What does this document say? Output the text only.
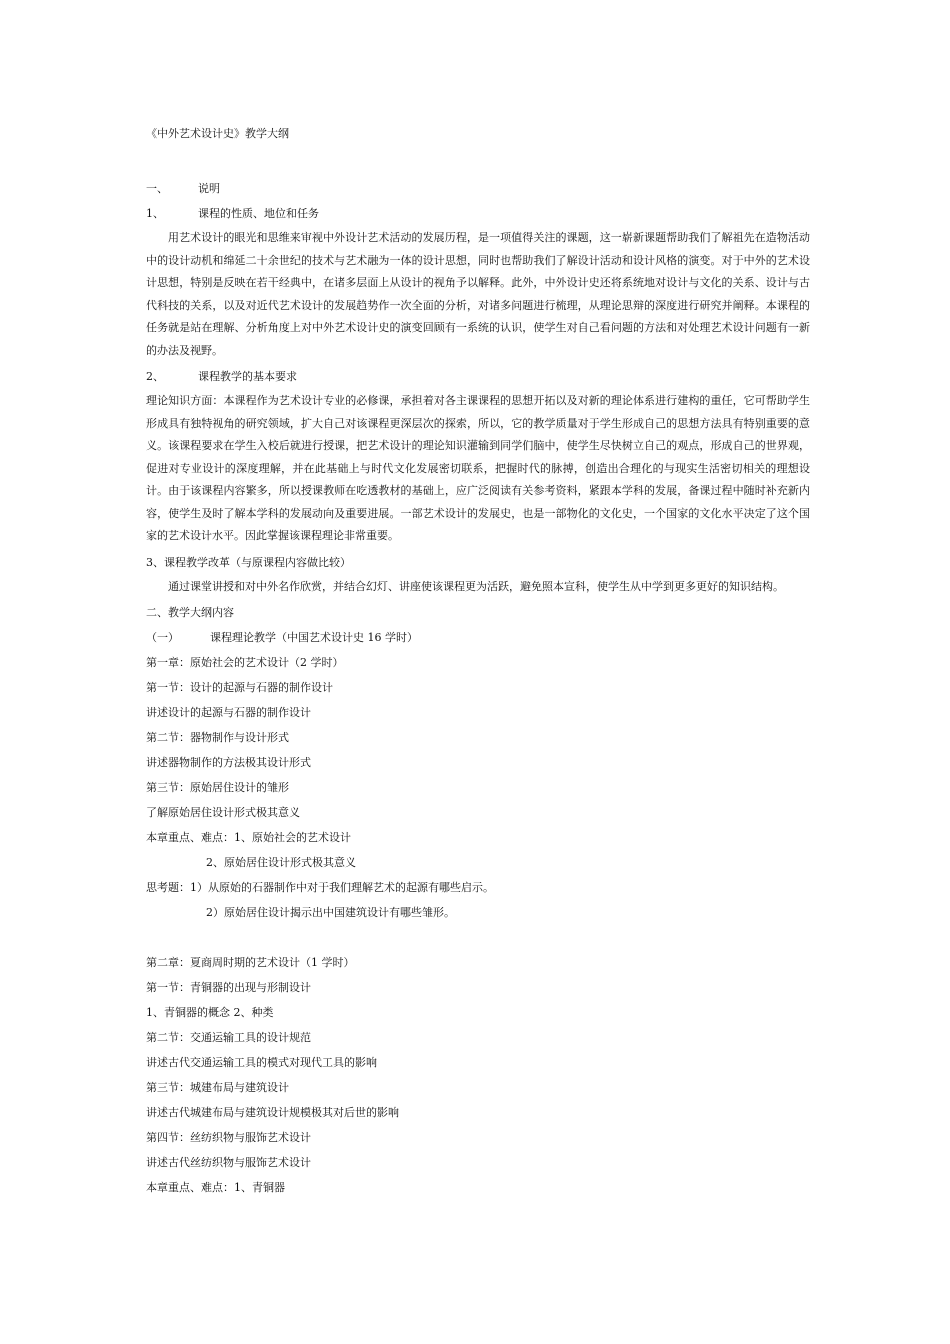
《中外艺术设计史》教学大纲
一、	说明
1、	课程的性质、地位和任务
用艺术设计的眼光和思维来审视中外设计艺术活动的发展历程，是一项值得关注的课题，这一崭新课题帮助我们了解祖先在造物活动中的设计动机和绵延二十余世纪的技术与艺术融为一体的设计思想，同时也帮助我们了解设计活动和设计风格的演变。对于中外的艺术设计思想，特别是反映在若干经典中，在诸多层面上从设计的视角予以解释。此外，中外设计史还将系统地对设计与文化的关系、设计与古代科技的关系，以及对近代艺术设计的发展趋势作一次全面的分析，对诸多问题进行梳理，从理论思辩的深度进行研究并阐释。本课程的任务就是站在理解、分析角度上对中外艺术设计史的演变回顾有一系统的认识，使学生对自己看问题的方法和对处理艺术设计问题有一新的办法及视野。
2、	课程教学的基本要求
理论知识方面：本课程作为艺术设计专业的必修课，承担着对各主课课程的思想开拓以及对新的理论体系进行建构的重任，它可帮助学生形成具有独特视角的研究领域，扩大自己对该课程更深层次的探索，所以，它的教学质量对于学生形成自己的思想方法具有特别重要的意义。该课程要求在学生入校后就进行授课，把艺术设计的理论知识灌输到同学们脑中，使学生尽快树立自己的观点，形成自己的世界观，促进对专业设计的深度理解，并在此基础上与时代文化发展密切联系，把握时代的脉搏，创造出合理化的与现实生活密切相关的理想设计。由于该课程内容繁多，所以授课教师在吃透教材的基础上，应广泛阅读有关参考资料，紧跟本学科的发展，备课过程中随时补充新内容，使学生及时了解本学科的发展动向及重要进展。一部艺术设计的发展史，也是一部物化的文化史，一个国家的文化水平决定了这个国家的艺术设计水平。因此掌握该课程理论非常重要。
3、课程教学改革（与原课程内容做比较）
通过课堂讲授和对中外名作欣赏，并结合幻灯、讲座使该课程更为活跃，避免照本宣科，使学生从中学到更多更好的知识结构。
二、教学大纲内容
（一）	课程理论教学（中国艺术设计史 16 学时）
第一章：原始社会的艺术设计（2 学时）
第一节：设计的起源与石器的制作设计
讲述设计的起源与石器的制作设计
第二节：器物制作与设计形式
讲述器物制作的方法极其设计形式
第三节：原始居住设计的雏形
了解原始居住设计形式极其意义
本章重点、难点：1、原始社会的艺术设计
2、原始居住设计形式极其意义
思考题：1）从原始的石器制作中对于我们理解艺术的起源有哪些启示。
2）原始居住设计揭示出中国建筑设计有哪些雏形。
第二章：夏商周时期的艺术设计（1 学时）
第一节：青铜器的出现与形制设计
1、青铜器的概念 2、种类
第二节：交通运输工具的设计规范
讲述古代交通运输工具的模式对现代工具的影响
第三节：城建布局与建筑设计
讲述古代城建布局与建筑设计规模极其对后世的影响
第四节：丝纺织物与服饰艺术设计
讲述古代丝纺织物与服饰艺术设计
本章重点、难点：1、青铜器
